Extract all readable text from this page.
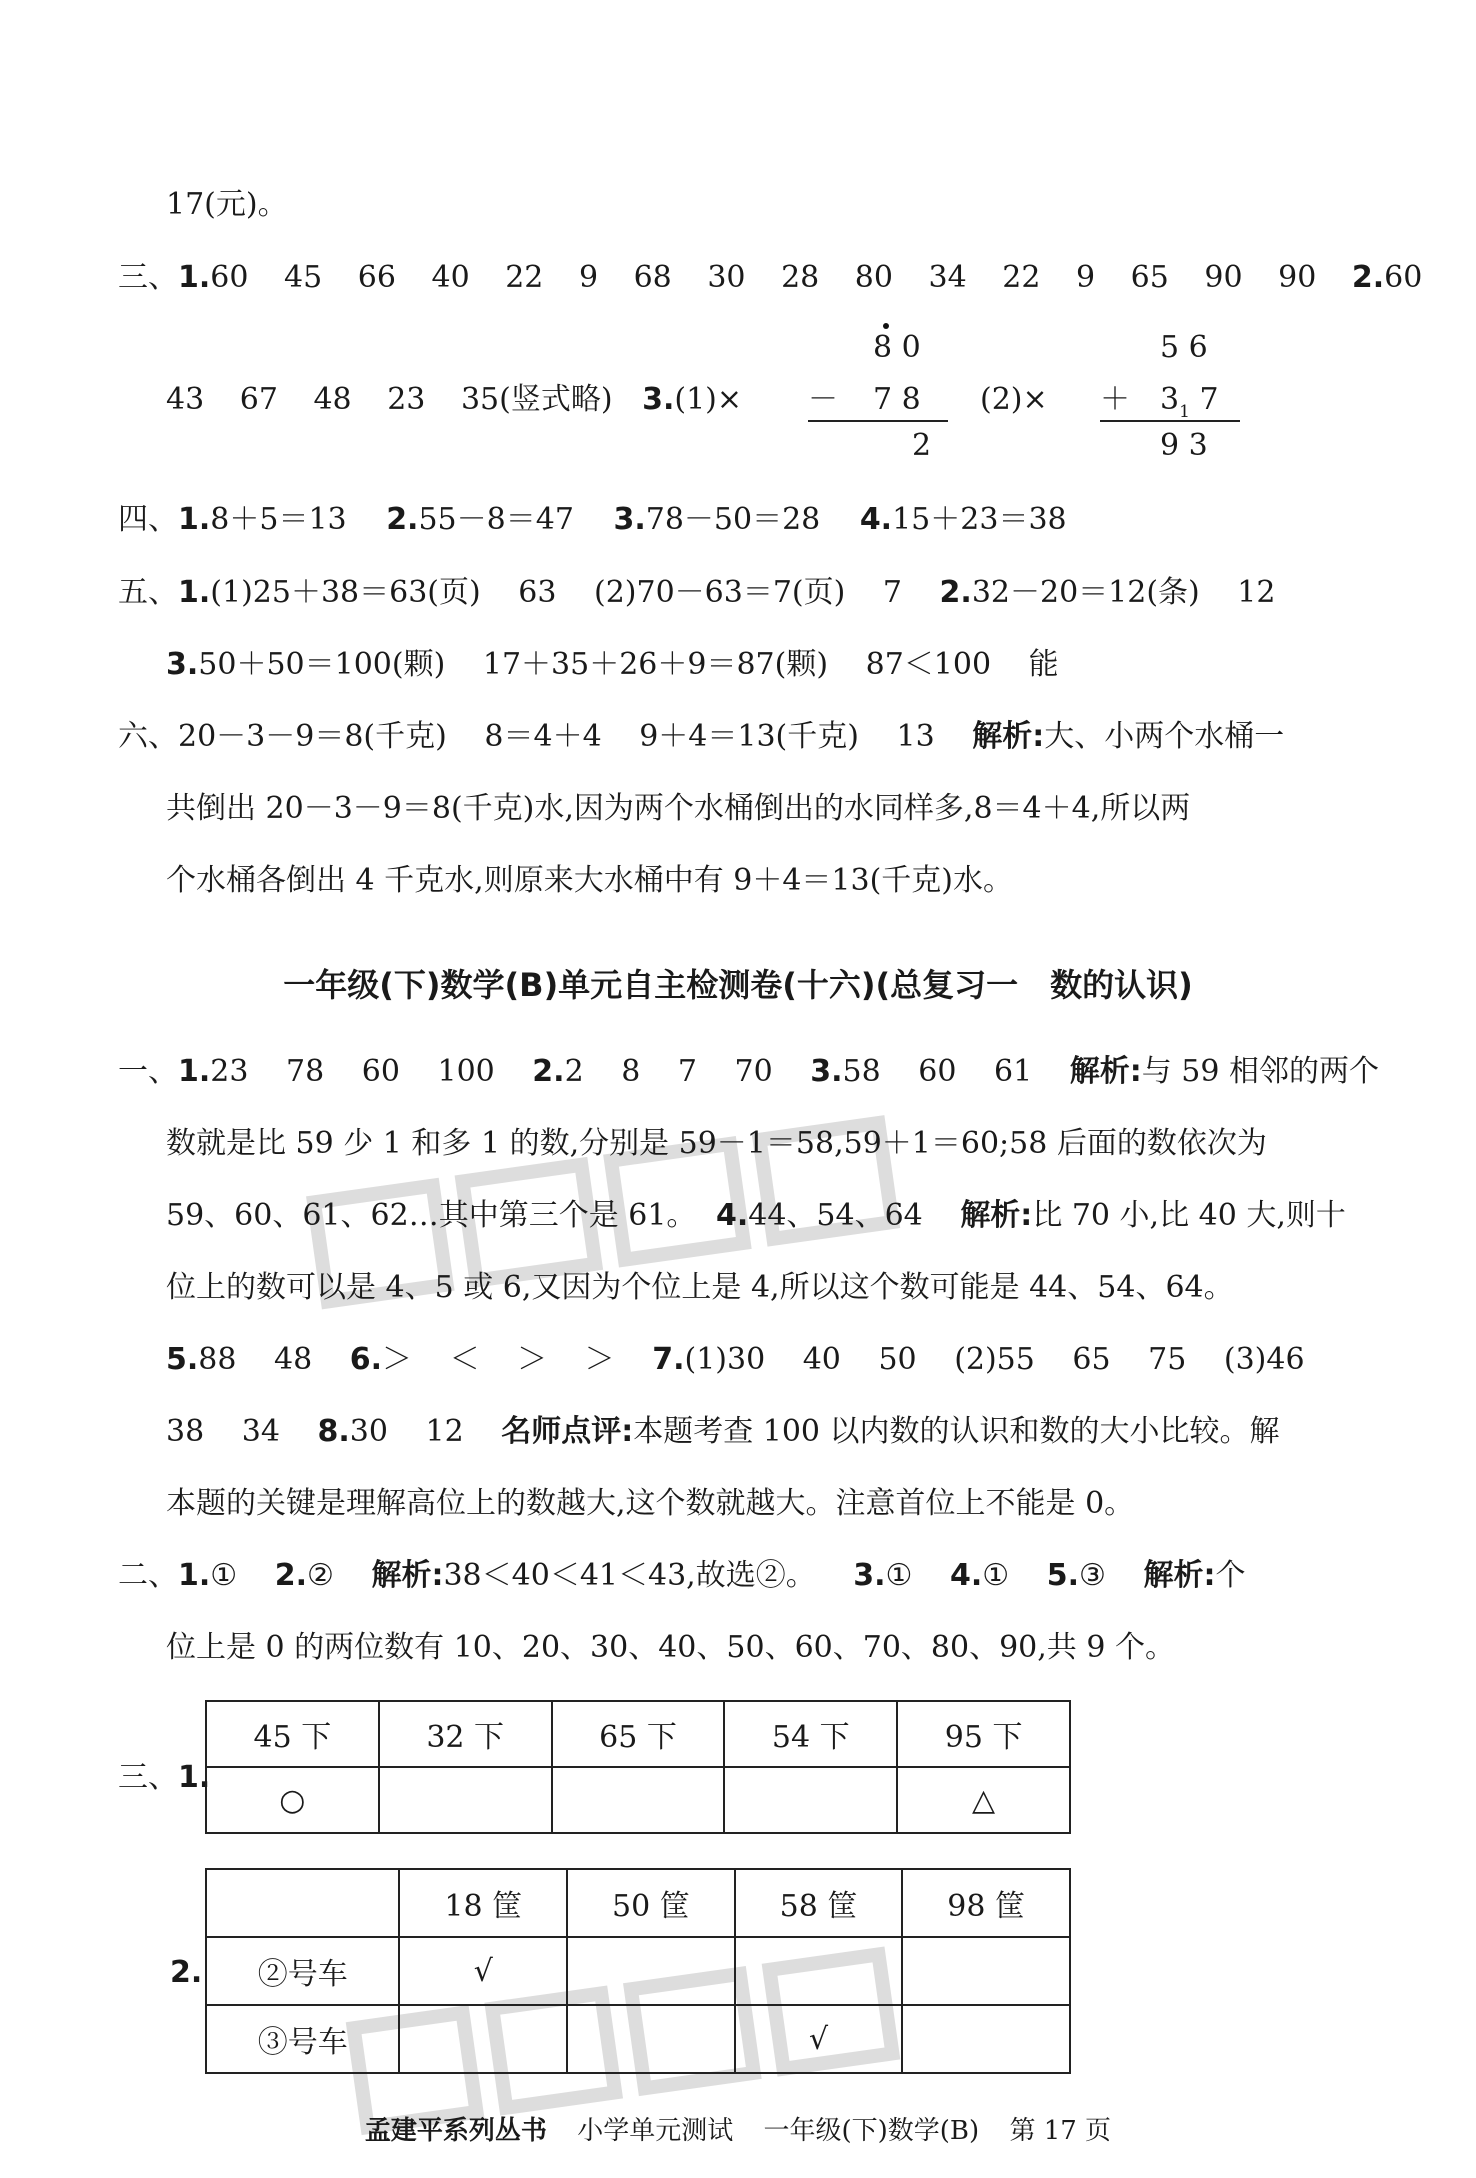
17(元)。
三、1.60 45 66 40 22 9 68 30 28 80 34 22 9 65 90 90 2.60
43 67 48 23 35(竖式略) 3.(1)×	(2)×
8 0
－ 7 8
2
5 6
＋ $3_1$ 7
9 3
四、1.8＋5＝13 2.55－8＝47 3.78－50＝28 4.15＋23＝38
五、1.(1)25＋38＝63(页) 63 (2)70－63＝7(页) 7 2.32－20＝12(条) 12
3.50＋50＝100(颗) 17＋35＋26＋9＝87(颗) 87＜100 能
六、20－3－9＝8(千克) 8＝4＋4 9＋4＝13(千克) 13 解析:大、小两个水桶一
共倒出 20－3－9＝8(千克)水,因为两个水桶倒出的水同样多,8＝4＋4,所以两
个水桶各倒出 4 千克水,则原来大水桶中有 9＋4＝13(千克)水。
一年级(下)数学(B)单元自主检测卷(十六)(总复习一　数的认识)
一、1.23 78 60 100 2.2 8 7 70 3.58 60 61 解析:与 59 相邻的两个
数就是比 59 少 1 和多 1 的数,分别是 59－1＝58,59＋1＝60;58 后面的数依次为
59、60、61、62…其中第三个是 61。 4.44、54、64 解析:比 70 小,比 40 大,则十
位上的数可以是 4、5 或 6,又因为个位上是 4,所以这个数可能是 44、54、64。
5.88 48 6.＞ ＜ ＞ ＞ 7.(1)30 40 50 (2)55 65 75 (3)46
38 34 8.30 12 名师点评:本题考查 100 以内数的认识和数的大小比较。解
本题的关键是理解高位上的数越大,这个数就越大。注意首位上不能是 0。
二、1.① 2.② 解析:38＜40＜41＜43,故选②。 3.① 4.① 5.③ 解析:个
位上是 0 的两位数有 10、20、30、40、50、60、70、80、90,共 9 个。
三、1.
45 下	32 下	65 下	54 下	95 下
○				△
2.
	18 筐	50 筐	58 筐	98 筐
②号车	√			
③号车			√	
孟建平系列丛书 小学单元测试 一年级(下)数学(B) 第 17 页
